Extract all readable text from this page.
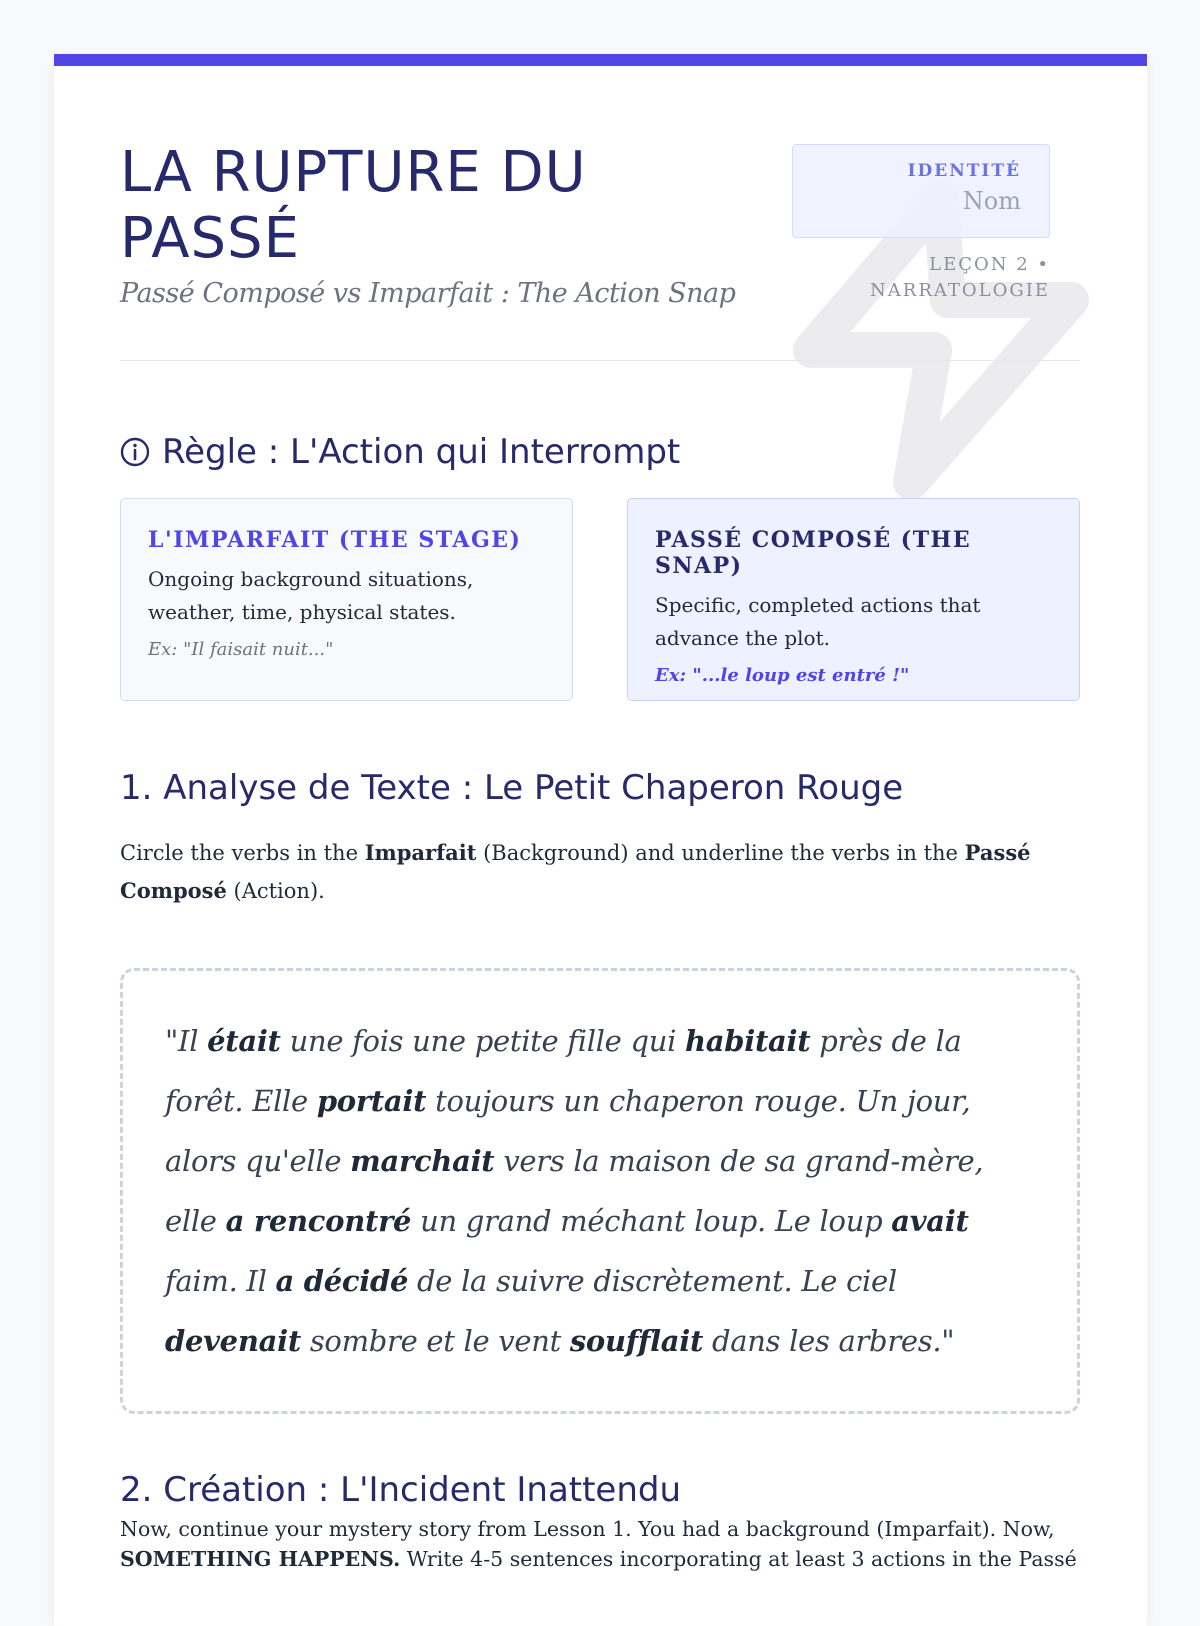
LA RUPTURE DU PASSÉ

Passé Composé vs Imparfait : The Action Snap

IDENTITÉ
Nom
LEÇON 2 • NARRATOLOGIE
Règle : L'Action qui Interrompt
L'IMPARFAIT (THE STAGE)
Ongoing background situations, weather, time, physical states.
Ex: "Il faisait nuit..."
PASSÉ COMPOSÉ (THE SNAP)
Specific, completed actions that advance the plot.
Ex: "...le loup est entré !"
1. Analyse de Texte : Le Petit Chaperon Rouge

Circle the verbs in the Imparfait (Background) and underline the verbs in the Passé Composé (Action).

"Il était une fois une petite fille qui habitait près de la forêt. Elle portait toujours un chaperon rouge. Un jour, alors qu'elle marchait vers la maison de sa grand-mère, elle a rencontré un grand méchant loup. Le loup avait faim. Il a décidé de la suivre discrètement. Le ciel devenait sombre et le vent soufflait dans les arbres."

2. Création : L'Incident Inattendu

Now, continue your mystery story from Lesson 1. You had a background (Imparfait). Now, SOMETHING HAPPENS. Write 4-5 sentences incorporating at least 3 actions in the Passé
